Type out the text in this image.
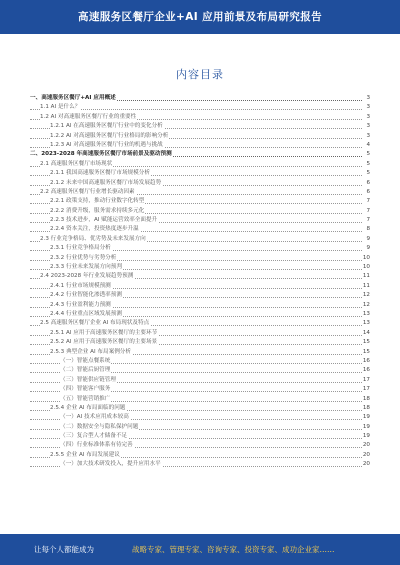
高速服务区餐厅企业+AI 应用前景及布局研究报告
内容目录
一、高速服务区餐厅+AI 应用概述	3
1.1 AI 是什么？	3
1.2 AI 对高速服务区餐厅行业的重要性	3
1.2.1 AI 在高速服务区餐厅行业中的变化分析	3
1.2.2 AI 对高速服务区餐厅行业格局的影响分析	3
1.2.3 AI 对高速服务区餐厅行业的机遇与挑战	4
二、2023-2028 年高速服务区餐厅市场前景及驱动预测	5
2.1 高速服务区餐厅市场现状	5
2.1.1 我国高速服务区餐厅市场规模分析	5
2.1.2 未来中国高速服务区餐厅市场发展趋势	6
2.2 高速服务区餐厅行业增长驱动因素	6
2.2.1 政策支持，推动行业数字化转型	7
2.2.2 消费升级，服务需求持续多元化	7
2.2.3 技术进步，AI 赋能运营效率全面提升	7
2.2.4 资本关注，投资热度逐步升温	8
2.3 行业竞争格局、优劣势及未来发展方向	9
2.3.1 行业竞争格局分析	9
2.3.2 行业优势与劣势分析	10
2.3.3 行业未来发展方向预判	10
2.4 2023-2028 年行业发展趋势预测	11
2.4.1 行业市场规模预测	11
2.4.2 行业智能化渗透率预测	12
2.4.3 行业盈利能力预测	12
2.4.4 行业重点区域发展预测	13
2.5 高速服务区餐厅企业 AI 布局现状及特点	13
2.5.1 AI 应用于高速服务区餐厅的主要环节	14
2.5.2 AI 应用于高速服务区餐厅的主要场景	15
2.5.3 典型企业 AI 布局案例分析	15
（一）智能点餐系统	16
（二）智能后厨管理	16
（三）智能供应链管理	17
（四）智能客户服务	17
（五）智能营销推广	18
2.5.4 企业 AI 布局面临的问题	18
（一）AI 技术应用成本较高	19
（二）数据安全与隐私保护问题	19
（三）复合型人才储备不足	19
（四）行业标准体系有待完善	20
2.5.5 企业 AI 布局发展建议	20
（一）加大技术研发投入，提升应用水平	20
让每个人都能成为	战略专家、管理专家、咨询专家、投资专家、成功企业家……
